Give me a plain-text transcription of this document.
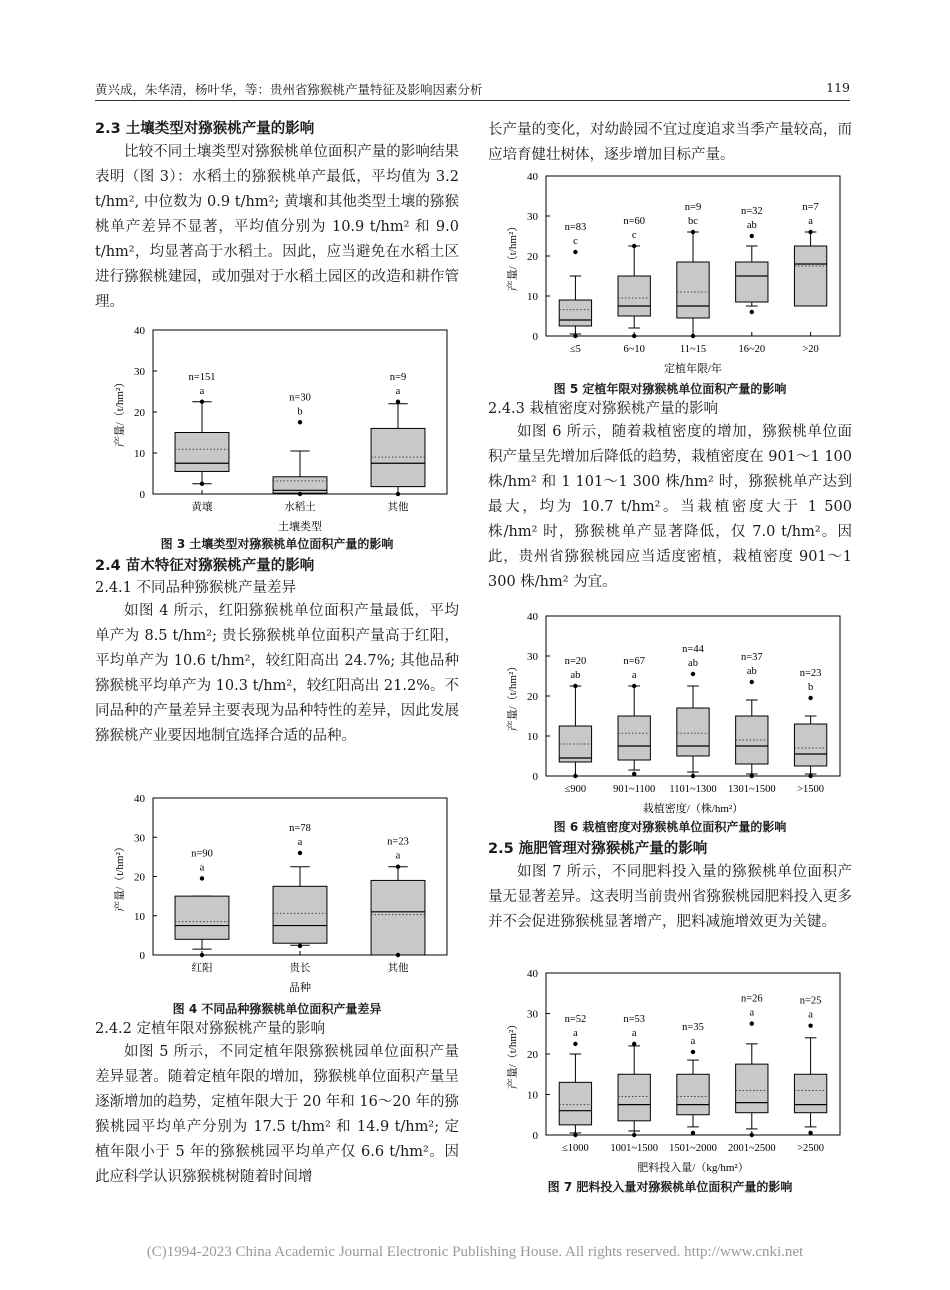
黄兴成，朱华清，杨叶华，等：贵州省猕猴桃产量特征及影响因素分析	119
2.3 土壤类型对猕猴桃产量的影响

比较不同土壤类型对猕猴桃单位面积产量的影响结果表明（图 3）：水稻土的猕猴桃单产最低，平均值为 3.2 t/hm², 中位数为 0.9 t/hm²; 黄壤和其他类型土壤的猕猴桃单产差异不显著，平均值分别为 10.9 t/hm² 和 9.0 t/hm²，均显著高于水稻土。因此，应当避免在水稻土区进行猕猴桃建园，或加强对于水稻土园区的改造和耕作管理。

0
10
20
30
40
产量/（t/hm²）
土壤类型
黄壤
a
n=151
水稻土
b
n=30
其他
a
n=9
图 3 土壤类型对猕猴桃单位面积产量的影响
2.4 苗木特征对猕猴桃产量的影响
2.4.1 不同品种猕猴桃产量差异

如图 4 所示，红阳猕猴桃单位面积产量最低，平均单产为 8.5 t/hm²; 贵长猕猴桃单位面积产量高于红阳，平均单产为 10.6 t/hm²，较红阳高出 24.7%; 其他品种猕猴桃平均单产为 10.3 t/hm²，较红阳高出 21.2%。不同品种的产量差异主要表现为品种特性的差异，因此发展猕猴桃产业要因地制宜选择合适的品种。

0
10
20
30
40
产量/（t/hm²）
品种
红阳
a
n=90
贵长
a
n=78
其他
a
n=23
图 4 不同品种猕猴桃单位面积产量差异
2.4.2 定植年限对猕猴桃产量的影响

如图 5 所示，不同定植年限猕猴桃园单位面积产量差异显著。随着定植年限的增加，猕猴桃单位面积产量呈逐渐增加的趋势，定植年限大于 20 年和 16～20 年的猕猴桃园平均单产分别为 17.5 t/hm² 和 14.9 t/hm²; 定植年限小于 5 年的猕猴桃园平均单产仅 6.6 t/hm²。因此应科学认识猕猴桃树随着时间增

长产量的变化，对幼龄园不宜过度追求当季产量较高，而应培育健壮树体，逐步增加目标产量。

0
10
20
30
40
产量/（t/hm²）
定植年限/年
≤5
c
n=83
6~10
c
n=60
11~15
bc
n=9
16~20
ab
n=32
>20
a
n=7
图 5 定植年限对猕猴桃单位面积产量的影响
2.4.3 栽植密度对猕猴桃产量的影响

如图 6 所示，随着栽植密度的增加，猕猴桃单位面积产量呈先增加后降低的趋势，栽植密度在 901～1 100 株/hm² 和 1 101～1 300 株/hm² 时，猕猴桃单产达到最大，均为 10.7 t/hm²。当栽植密度大于 1 500 株/hm² 时，猕猴桃单产显著降低，仅 7.0 t/hm²。因此，贵州省猕猴桃园应当适度密植，栽植密度 901～1 300 株/hm² 为宜。

0
10
20
30
40
产量/（t/hm²）
栽植密度/（株/hm²）
≤900
ab
n=20
901~1100
a
n=67
1101~1300
ab
n=44
1301~1500
ab
n=37
>1500
b
n=23
图 6 栽植密度对猕猴桃单位面积产量的影响
2.5 施肥管理对猕猴桃产量的影响

如图 7 所示，不同肥料投入量的猕猴桃单位面积产量无显著差异。这表明当前贵州省猕猴桃园肥料投入更多并不会促进猕猴桃显著增产，肥料减施增效更为关键。

0
10
20
30
40
产量/（t/hm²）
肥料投入量/（kg/hm²）
≤1000
a
n=52
1001~1500
a
n=53
1501~2000
a
n=35
2001~2500
a
n=26
>2500
a
n=25
图 7 肥料投入量对猕猴桃单位面积产量的影响
(C)1994-2023 China Academic Journal Electronic Publishing House. All rights reserved. http://www.cnki.net
